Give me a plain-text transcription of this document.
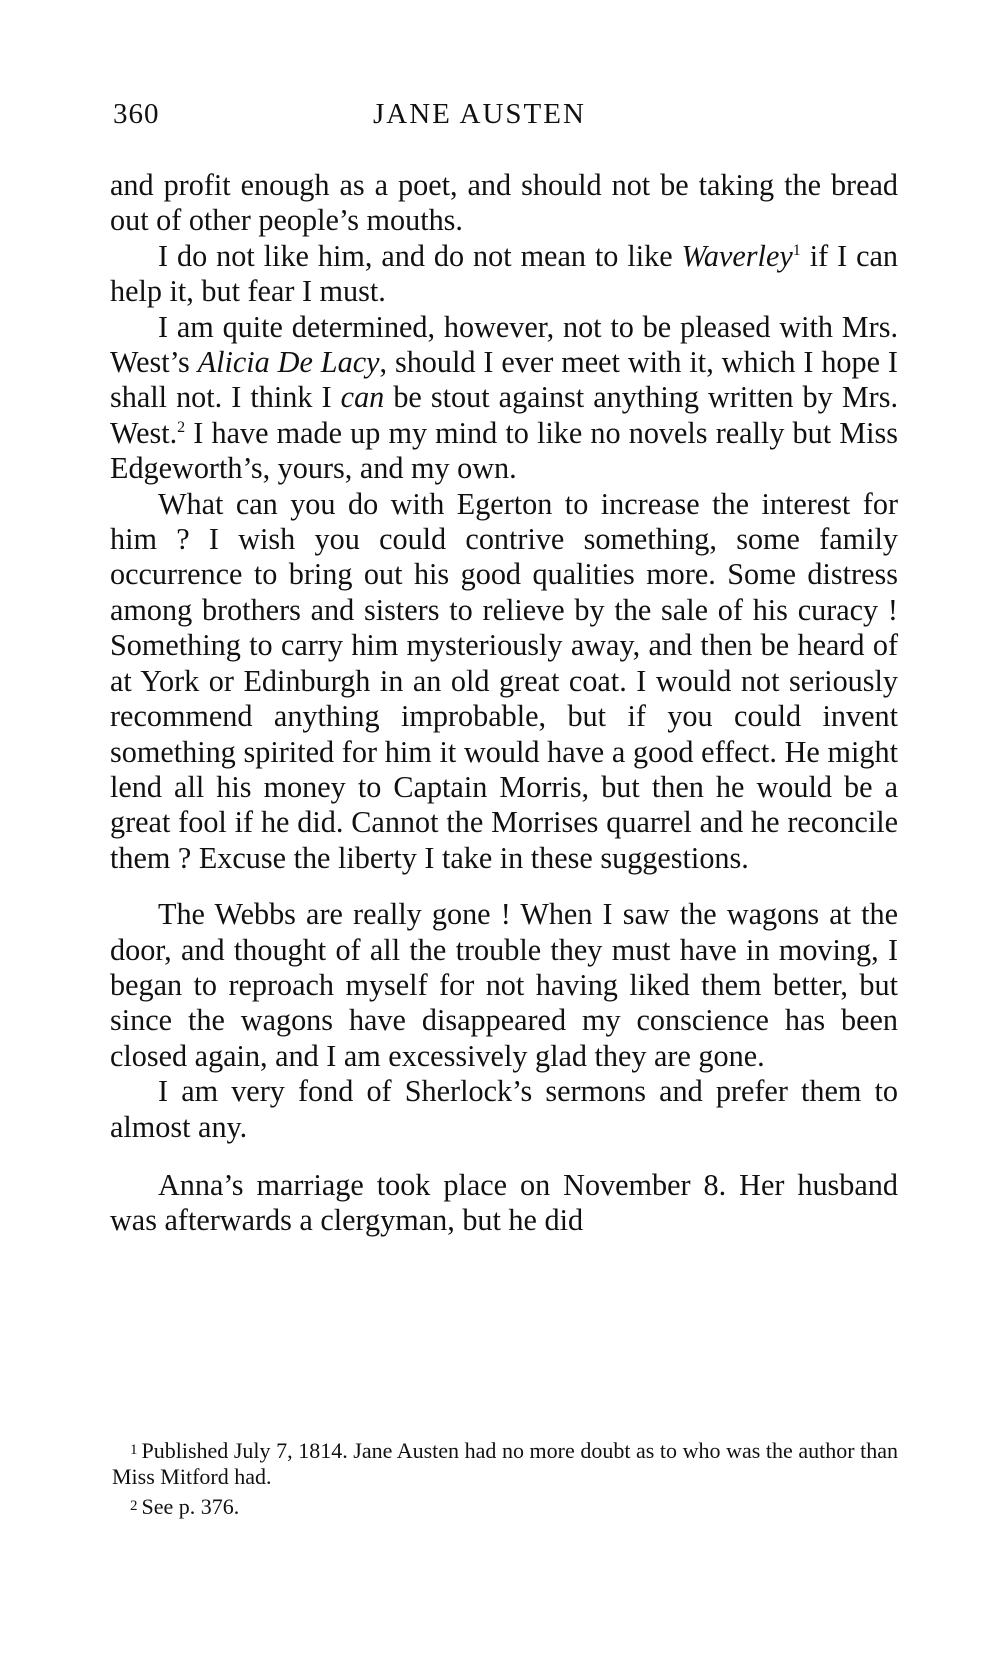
360	JANE AUSTEN

and profit enough as a poet, and should not be taking the bread out of other people’s mouths.

I do not like him, and do not mean to like Waverley$^1$ if I can help it, but fear I must.

I am quite determined, however, not to be pleased with Mrs. West’s Alicia De Lacy, should I ever meet with it, which I hope I shall not. I think I can be stout against anything written by Mrs. West.$^2$ I have made up my mind to like no novels really but Miss Edgeworth’s, yours, and my own.

What can you do with Egerton to increase the interest for him ? I wish you could contrive something, some family occurrence to bring out his good qualities more. Some distress among brothers and sisters to relieve by the sale of his curacy ! Something to carry him mysteriously away, and then be heard of at York or Edinburgh in an old great coat. I would not seriously recommend anything improbable, but if you could invent something spirited for him it would have a good effect. He might lend all his money to Captain Morris, but then he would be a great fool if he did. Cannot the Morrises quarrel and he reconcile them ? Excuse the liberty I take in these suggestions.

The Webbs are really gone ! When I saw the wagons at the door, and thought of all the trouble they must have in moving, I began to reproach myself for not having liked them better, but since the wagons have disappeared my conscience has been closed again, and I am excessively glad they are gone.

I am very fond of Sherlock’s sermons and prefer them to almost any.

Anna’s marriage took place on November 8. Her husband was afterwards a clergyman, but he did

1 Published July 7, 1814. Jane Austen had no more doubt as to who was the author than Miss Mitford had.

2 See p. 376.
